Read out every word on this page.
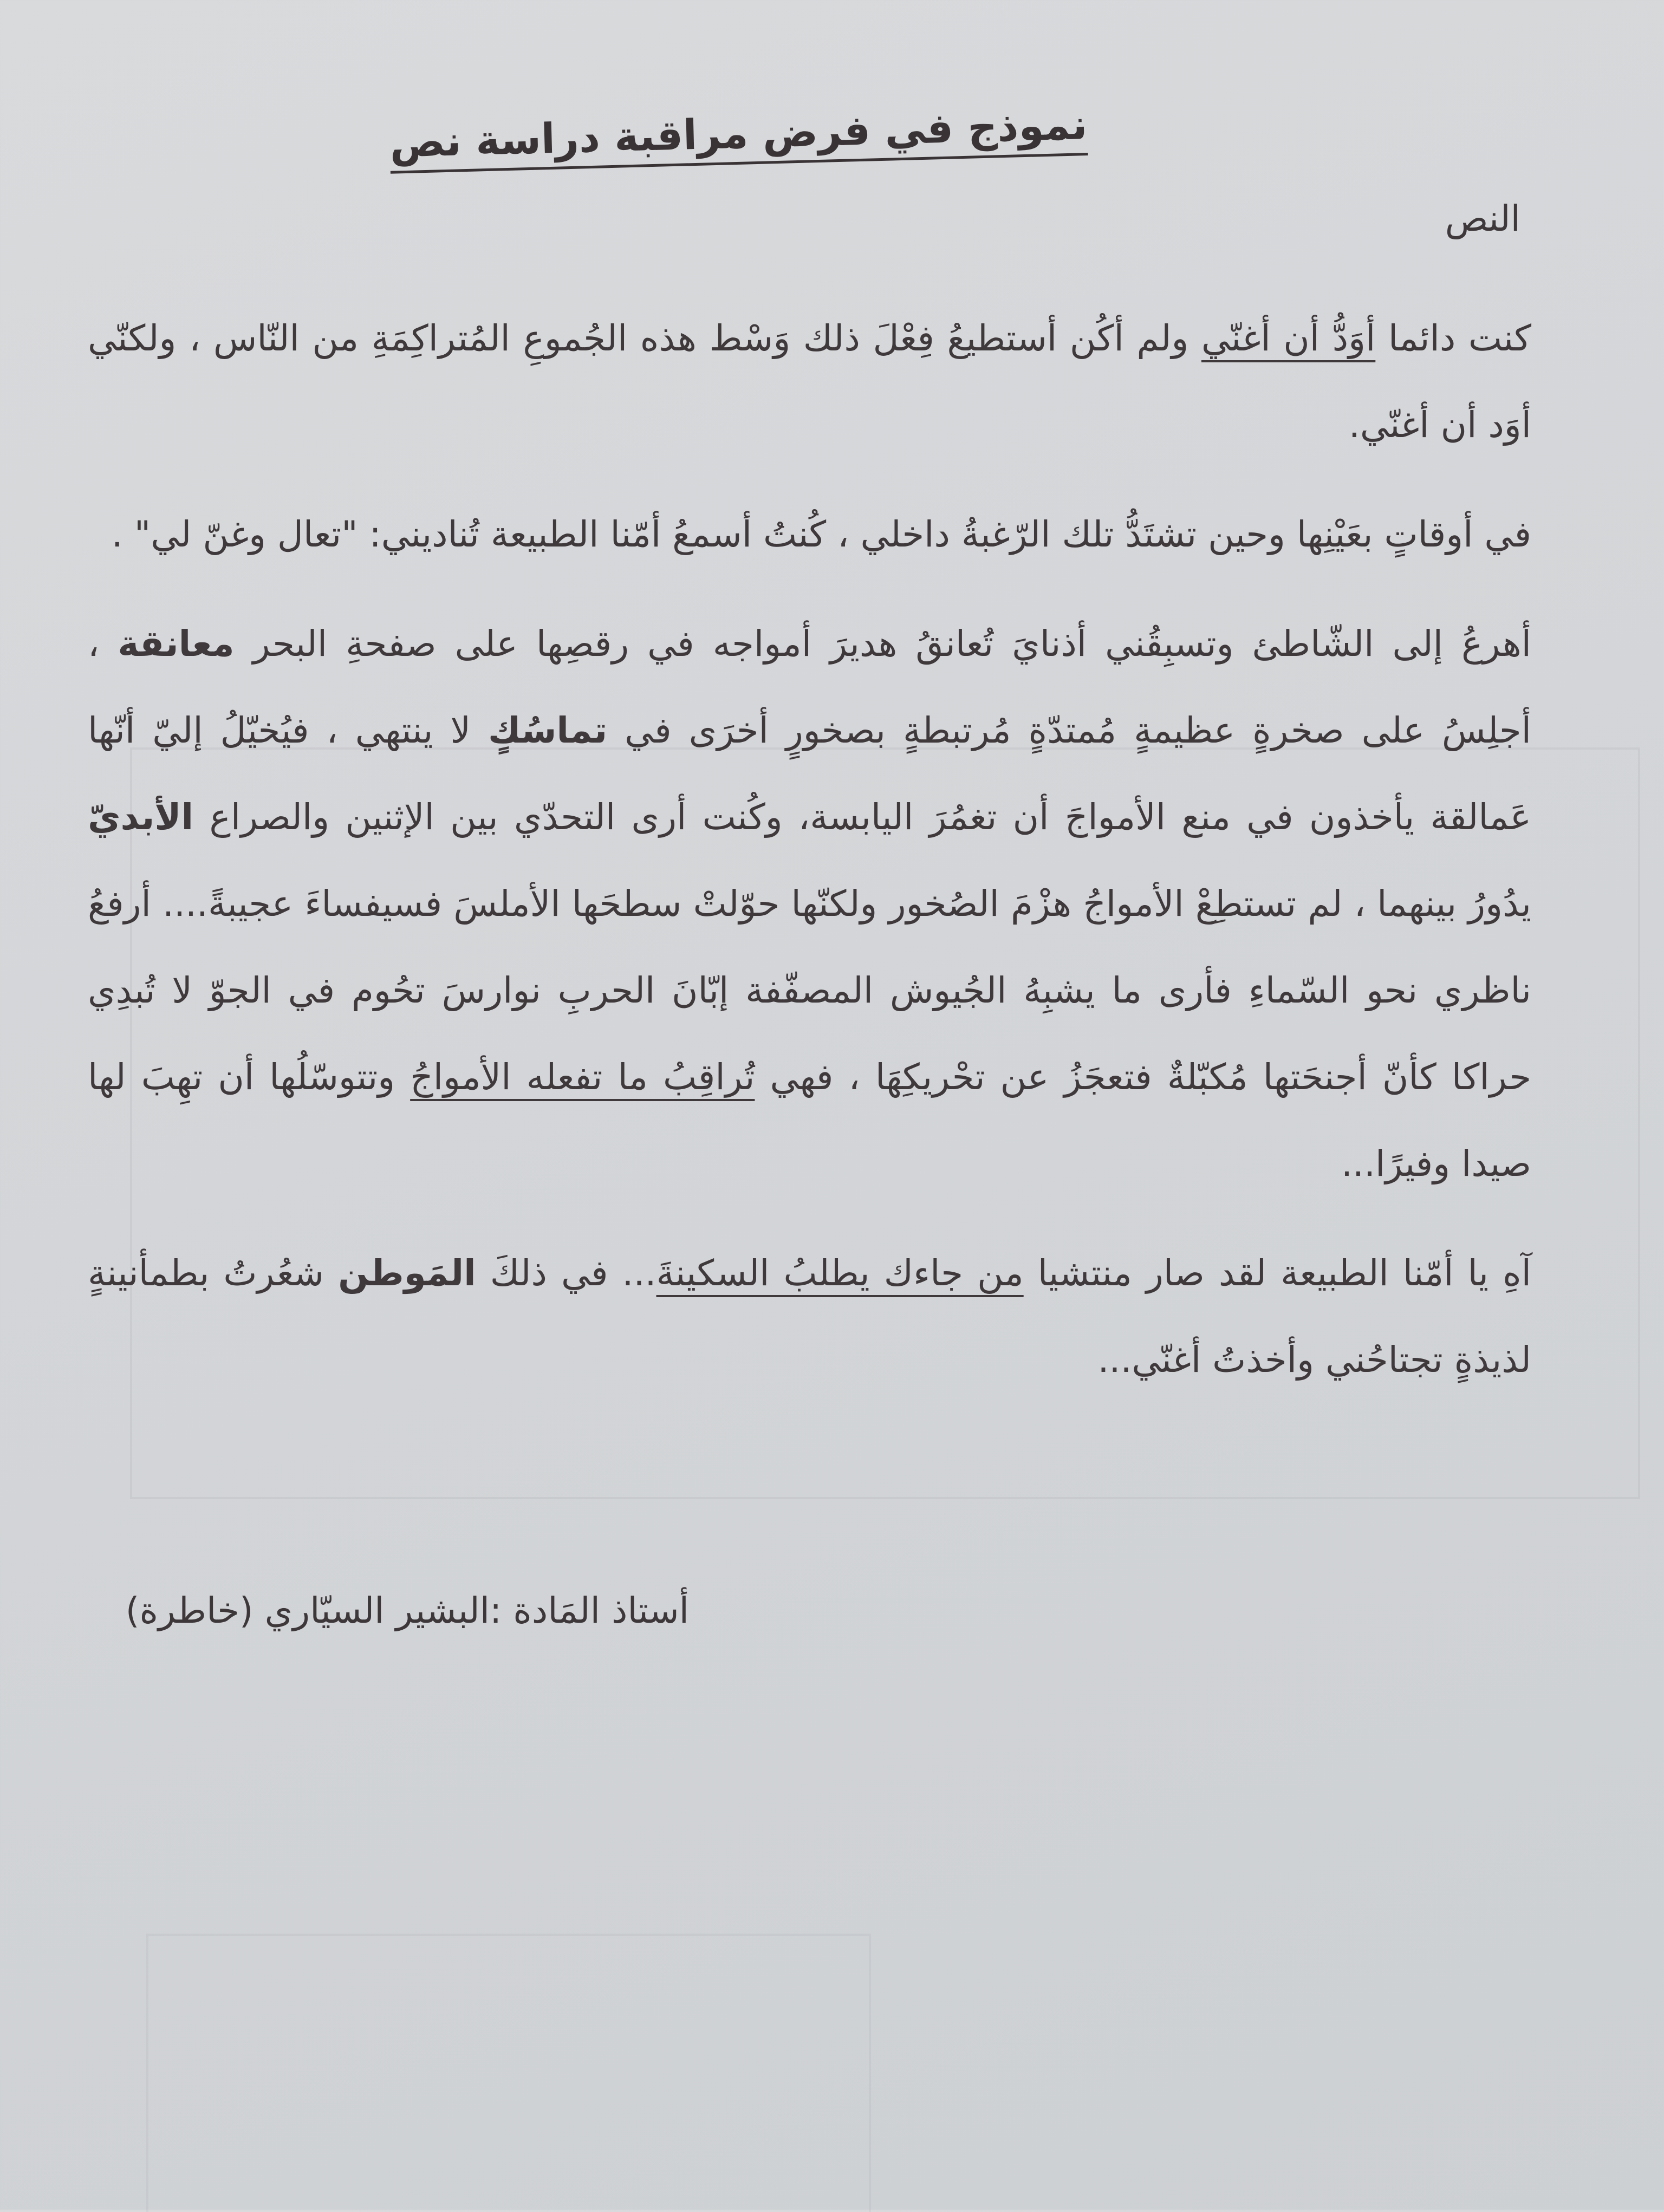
نموذج في فرض مراقبة دراسة نص
النص

كنت دائما أوَدُّ أن أغنّي ولم أكُن أستطيعُ فِعْلَ ذلك وَسْط هذه الجُموعِ المُتراكِمَةِ من النّاس ، ولكنّي أوَد أن أغنّي.

في أوقاتٍ بعَيْنِها وحين تشتَدُّ تلك الرّغبةُ داخلي ، كُنتُ أسمعُ أمّنا الطبيعة تُناديني: "تعال وغنّ لي" .

أهرعُ إلى الشّاطئ وتسبِقُني أذنايَ تُعانقُ هديرَ أمواجه في رقصِها على صفحةِ البحر معانقة ، أجلِسُ على صخرةٍ عظيمةٍ مُمتدّةٍ مُرتبطةٍ بصخورٍ أخرَى في تماسُكٍ لا ينتهي ، فيُخيّلُ إليّ أنّها عَمالقة يأخذون في منع الأمواجَ أن تغمُرَ اليابسة، وكُنت أرى التحدّي بين الإثنين والصراع الأبديّ يدُورُ بينهما ، لم تستطِعْ الأمواجُ هزْمَ الصُخور ولكنّها حوّلتْ سطحَها الأملسَ فسيفساءَ عجيبةً.... أرفعُ ناظري نحو السّماءِ فأرى ما يشبِهُ الجُيوش المصفّفة إبّانَ الحربِ نوارسَ تحُوم في الجوّ لا تُبدِي حراكا كأنّ أجنحَتها مُكبّلةٌ فتعجَزُ عن تحْريكِهَا ، فهي تُراقِبُ ما تفعله الأمواجُ وتتوسّلُها أن تهِبَ لها صيدا وفيرًا...

آهِ يا أمّنا الطبيعة لقد صار منتشيا من جاءك يطلبُ السكينةَ... في ذلكَ المَوطن شعُرتُ بطمأنينةٍ لذيذةٍ تجتاحُني وأخذتُ أغنّي...

أستاذ المَادة :البشير السيّاري (خاطرة)
